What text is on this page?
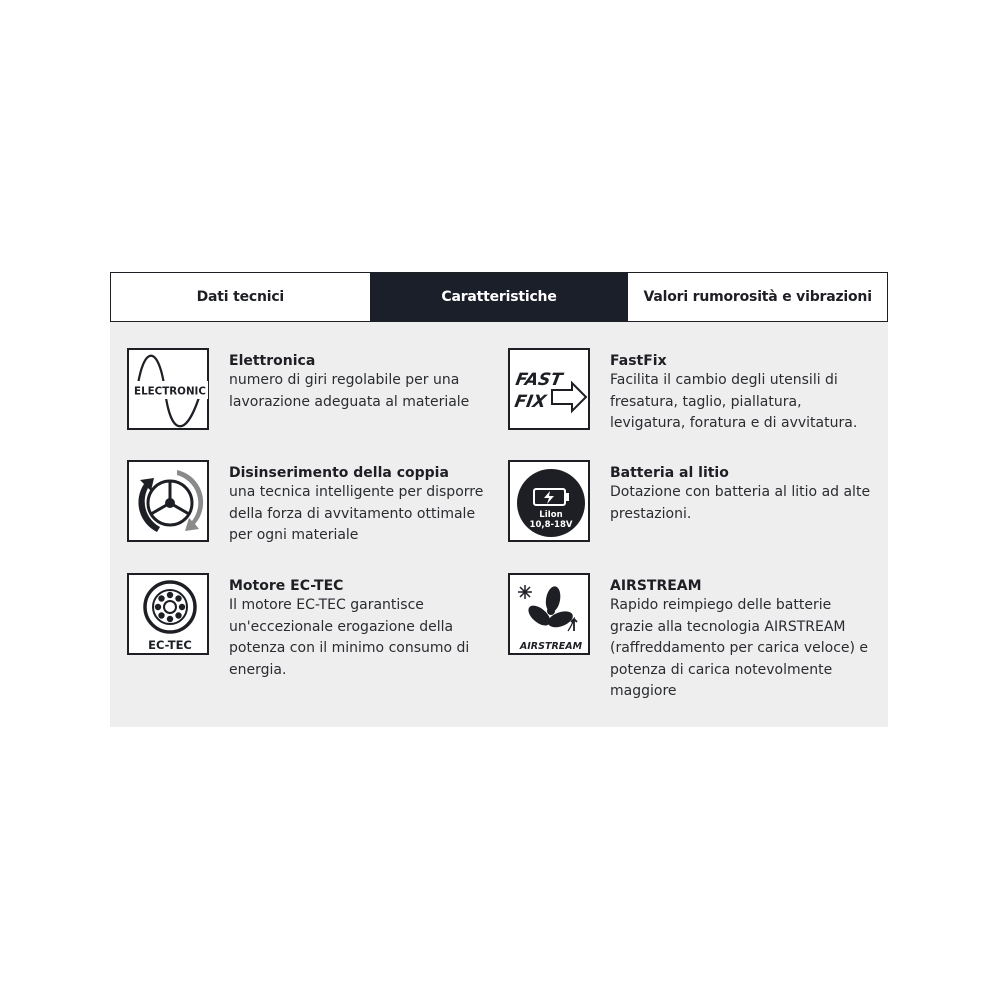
Dati tecnici	Caratteristiche	Valori rumorosità e vibrazioni
ELECTRONIC
Elettronica
numero di giri regolabile per una
lavorazione adeguata al materiale
FAST
FIX
FastFix
Facilita il cambio degli utensili di
fresatura, taglio, piallatura,
levigatura, foratura e di avvitatura.
Disinserimento della coppia
una tecnica intelligente per disporre
della forza di avvitamento ottimale
per ogni materiale
LiIon
10,8-18V
Batteria al litio
Dotazione con batteria al litio ad alte
prestazioni.
EC-TEC
Motore EC-TEC
Il motore EC-TEC garantisce
un'eccezionale erogazione della
potenza con il minimo consumo di
energia.
AIRSTREAM
AIRSTREAM
Rapido reimpiego delle batterie
grazie alla tecnologia AIRSTREAM
(raffreddamento per carica veloce) e
potenza di carica notevolmente
maggiore
